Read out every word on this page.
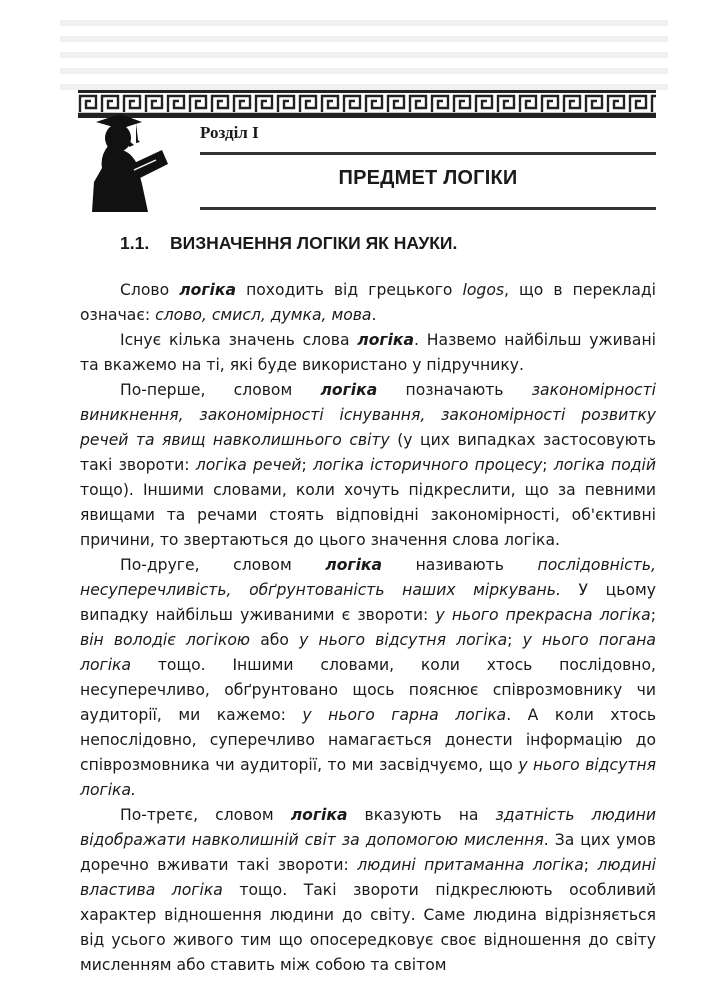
Розділ І
ПРЕДМЕТ ЛОГІКИ
1.1. ВИЗНАЧЕННЯ ЛОГІКИ ЯК НАУКИ.

Слово логіка походить від грецького logos, що в перекладі означає: слово, смисл, думка, мова.

Існує кілька значень слова логіка. Назвемо найбільш уживані та вкажемо на ті, які буде використано у підручнику.

По-перше, словом логіка позначають закономірності виникнення, закономірності існування, закономірності розвитку речей та явищ навколишнього світу (у цих випадках застосовують такі звороти: логіка речей; логіка історичного процесу; логіка подій тощо). Іншими словами, коли хочуть підкреслити, що за певними явищами та речами стоять відповідні закономірності, об'єктивні причини, то звертаються до цього значення слова логіка.

По-друге, словом логіка називають послідовність, несуперечливість, обґрунтованість наших міркувань. У цьому випадку найбільш уживаними є звороти: у нього прекрасна логіка; він володіє логікою або у нього відсутня логіка; у нього погана логіка тощо. Іншими словами, коли хтось послідовно, несуперечливо, обґрунтовано щось пояснює співрозмовнику чи аудиторії, ми кажемо: у нього гарна логіка. А коли хтось непослідовно, суперечливо намагається донести інформацію до співрозмовника чи аудиторії, то ми засвідчуємо, що у нього відсутня логіка.

По-третє, словом логіка вказують на здатність людини відображати навколишній світ за допомогою мислення. За цих умов доречно вживати такі звороти: людині притаманна логіка; людині властива логіка тощо. Такі звороти підкреслюють особливий характер відношення людини до світу. Саме людина відрізняється від усього живого тим що опосередковує своє відношення до світу мисленням або ставить між собою та світом
